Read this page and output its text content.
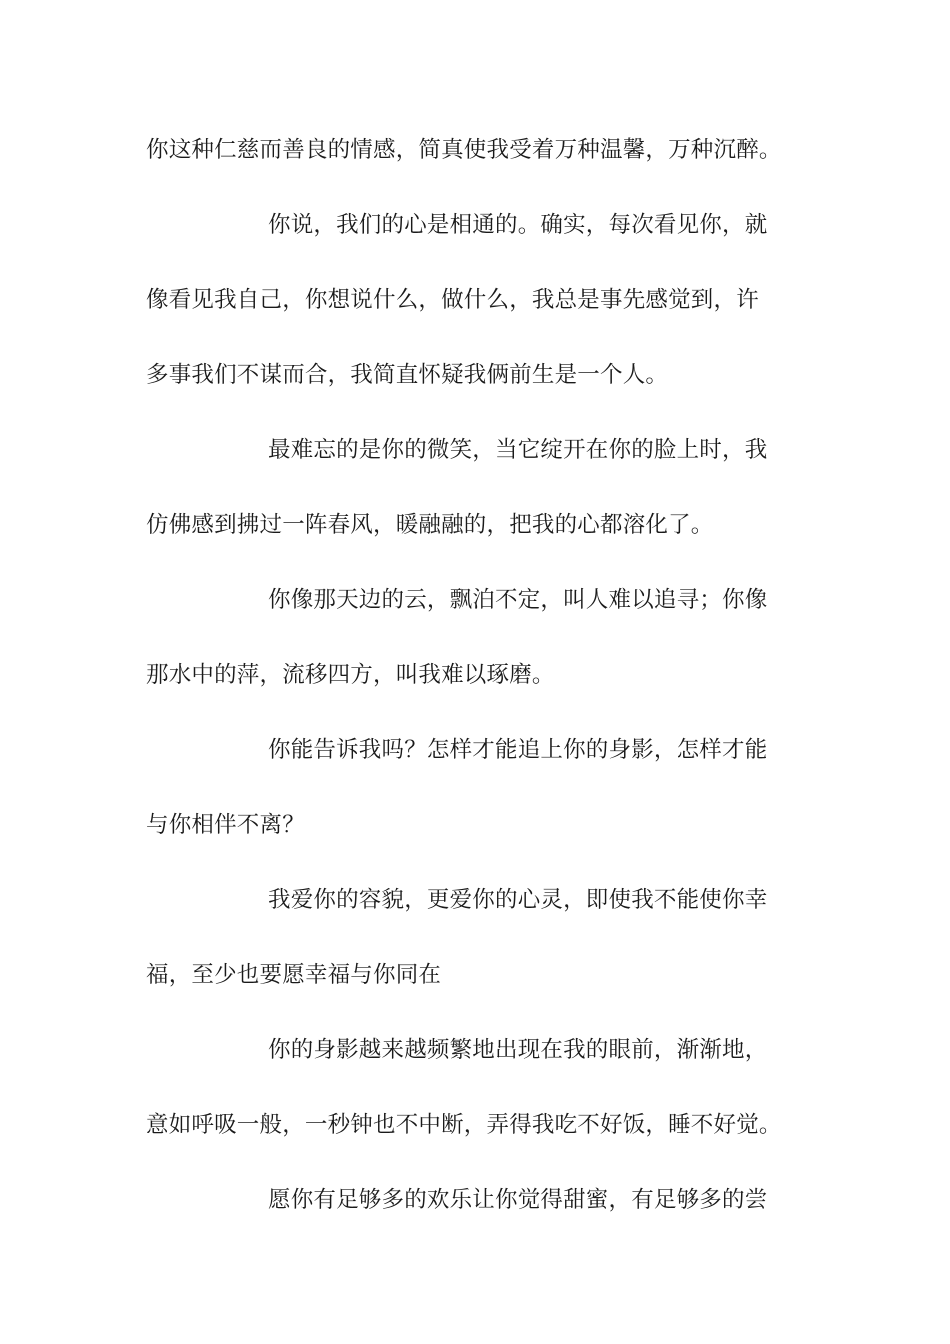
你这种仁慈而善良的情感，简真使我受着万种温馨，万种沉醉。
你说，我们的心是相通的。确实，每次看见你，就
像看见我自己，你想说什么，做什么，我总是事先感觉到，许
多事我们不谋而合，我简直怀疑我俩前生是一个人。
最难忘的是你的微笑，当它绽开在你的脸上时，我
仿佛感到拂过一阵春风，暖融融的，把我的心都溶化了。
你像那天边的云，飘泊不定，叫人难以追寻；你像
那水中的萍，流移四方，叫我难以琢磨。
你能告诉我吗？怎样才能追上你的身影，怎样才能
与你相伴不离？
我爱你的容貌，更爱你的心灵，即使我不能使你幸
福，至少也要愿幸福与你同在
你的身影越来越频繁地出现在我的眼前，渐渐地，
意如呼吸一般，一秒钟也不中断，弄得我吃不好饭，睡不好觉。
愿你有足够多的欢乐让你觉得甜蜜，有足够多的尝
